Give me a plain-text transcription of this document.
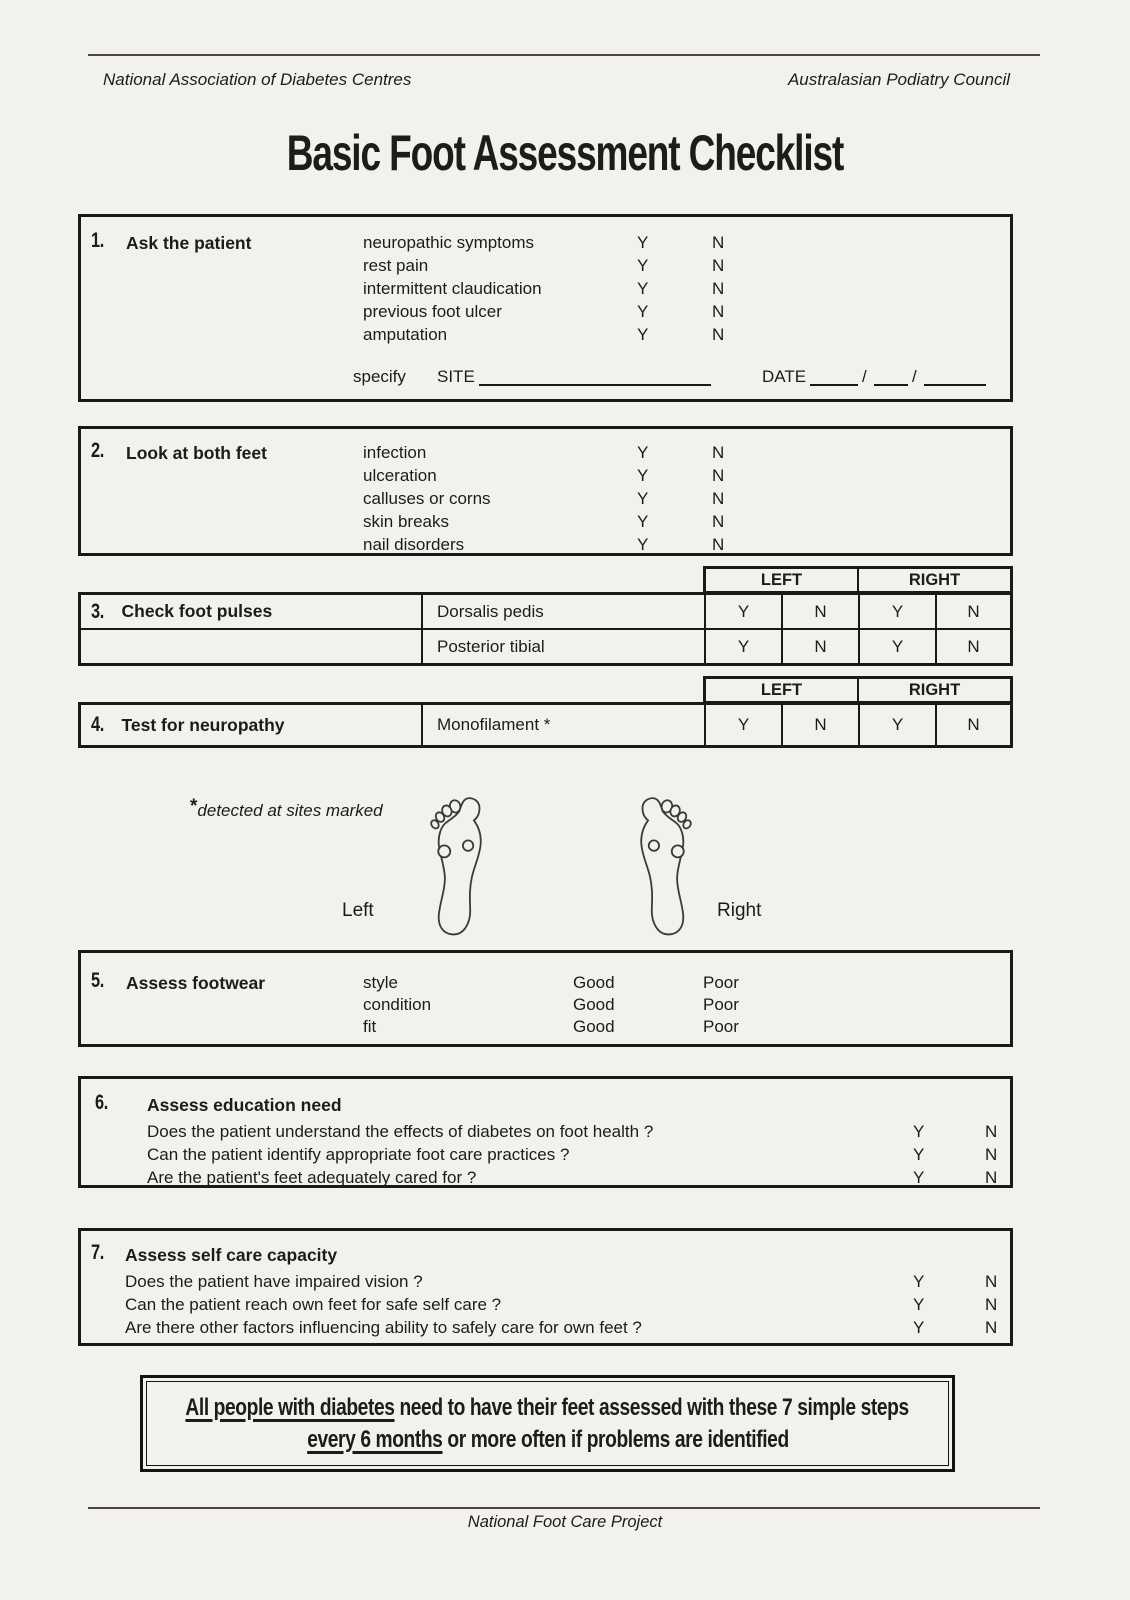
National Association of Diabetes Centres	Australasian Podiatry Council
Basic Foot Assessment Checklist
1. Ask the patient	neuropathic symptoms	Y	N
rest pain	Y	N
intermittent claudication	Y	N
previous foot ulcer	Y	N
amputation	Y	N
specify SITE	DATE	/	/
2. Look at both feet	infection	Y	N
ulceration	Y	N
calluses or corns	Y	N
skin breaks	Y	N
nail disorders	Y	N
LEFT	RIGHT
3. Check foot pulses	Dorsalis pedis	Y	N	Y	N
Posterior tibial	Y	N	Y	N
LEFT	RIGHT
4. Test for neuropathy	Monofilament *	Y	N	Y	N
*detected at sites marked
Left	Right
5. Assess footwear	style	Good	Poor
condition	Good	Poor
fit	Good	Poor
6. Assess education need
Does the patient understand the effects of diabetes on foot health ?	Y	N
Can the patient identify appropriate foot care practices ?	Y	N
Are the patient's feet adequately cared for ?	Y	N
7. Assess self care capacity
Does the patient have impaired vision ?	Y	N
Can the patient reach own feet for safe self care ?	Y	N
Are there other factors influencing ability to safely care for own feet ?	Y	N
All people with diabetes need to have their feet assessed with these 7 simple steps
every 6 months or more often if problems are identified
National Foot Care Project
